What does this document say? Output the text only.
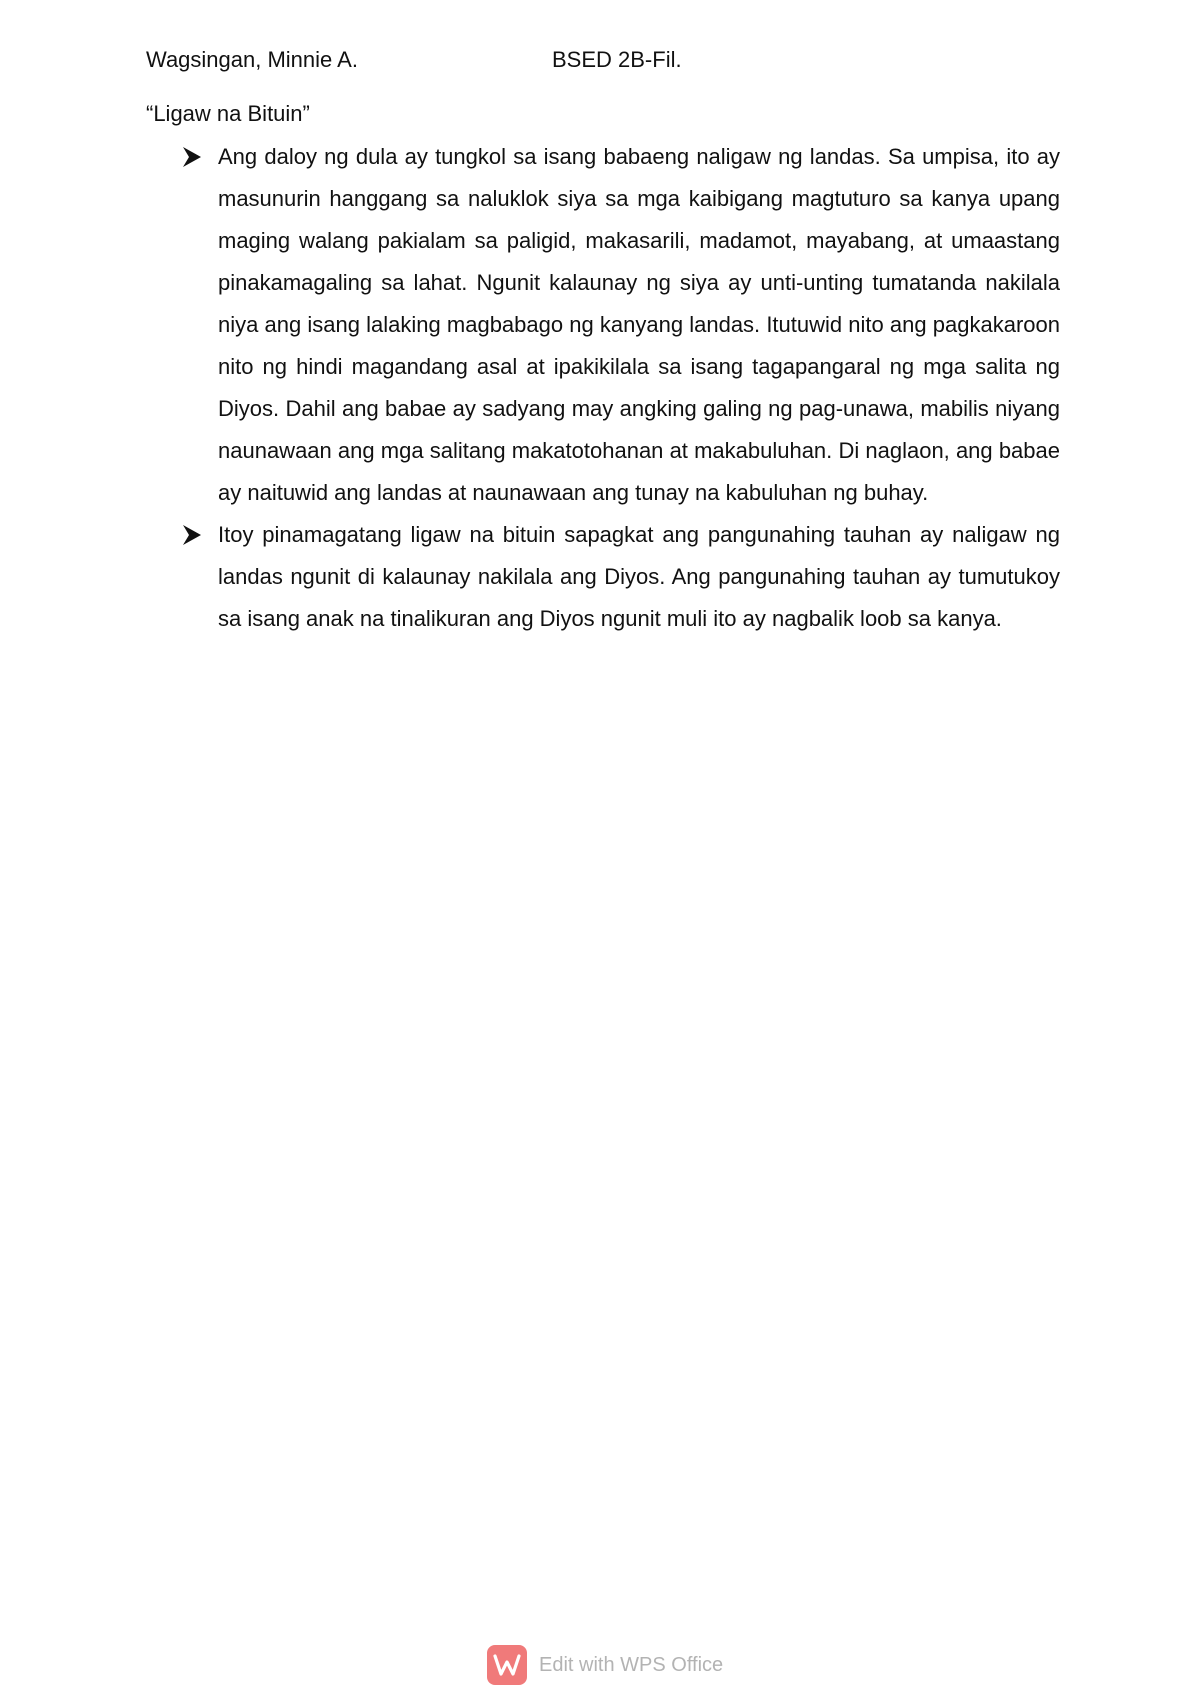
Wagsingan, Minnie A.	BSED 2B-Fil.
“Ligaw na Bituin”
Ang daloy ng dula ay tungkol sa isang babaeng naligaw ng landas. Sa umpisa, ito ay masunurin hanggang sa naluklok siya sa mga kaibigang magtuturo sa kanya upang maging walang pakialam sa paligid, makasarili, madamot, mayabang, at umaastang pinakamagaling sa lahat. Ngunit kalaunay ng siya ay unti-unting tumatanda nakilala niya ang isang lalaking magbabago ng kanyang landas. Itutuwid nito ang pagkakaroon nito ng hindi magandang asal at ipakikilala sa isang tagapangaral ng mga salita ng Diyos. Dahil ang babae ay sadyang may angking galing ng pag-unawa, mabilis niyang naunawaan ang mga salitang makatotohanan at makabuluhan. Di naglaon, ang babae ay naituwid ang landas at naunawaan ang tunay na kabuluhan ng buhay.
Itoy pinamagatang ligaw na bituin sapagkat ang pangunahing tauhan ay naligaw ng landas ngunit di kalaunay nakilala ang Diyos. Ang pangunahing tauhan ay tumutukoy sa isang anak na tinalikuran ang Diyos ngunit muli ito ay nagbalik loob sa kanya.
Edit with WPS Office
